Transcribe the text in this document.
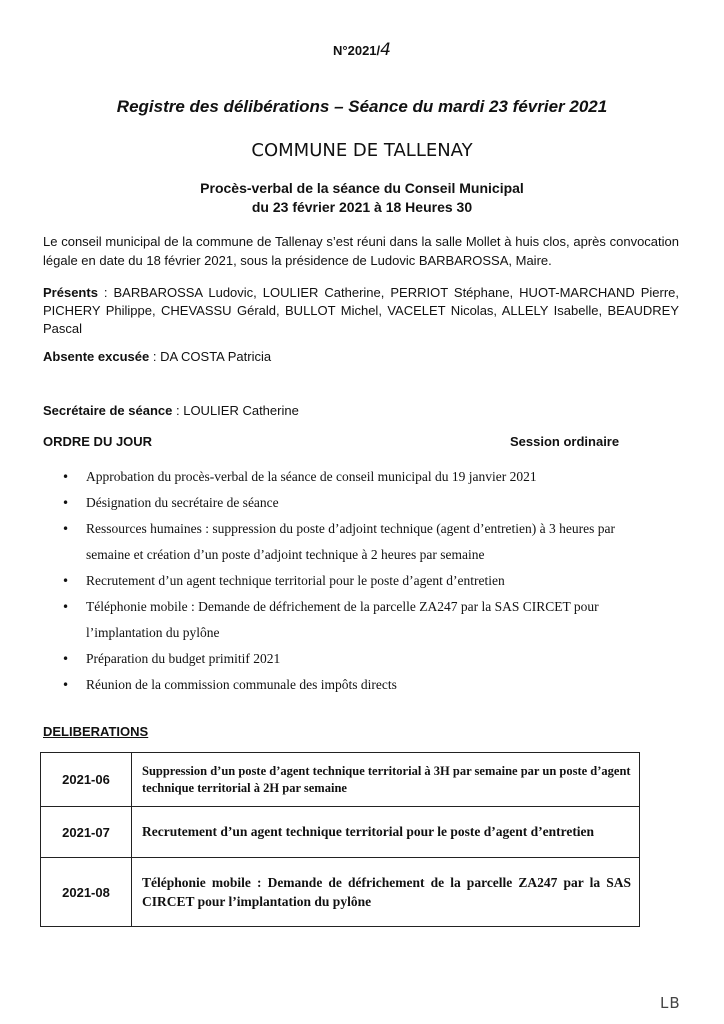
N°2021/4
Registre des délibérations – Séance du mardi 23 février 2021
COMMUNE DE TALLENAY
Procès-verbal de la séance du Conseil Municipal
du 23 février 2021 à 18 Heures 30
Le conseil municipal de la commune de Tallenay s’est réuni dans la salle Mollet à huis clos, après convocation légale en date du 18 février 2021, sous la présidence de Ludovic BARBAROSSA, Maire.
Présents : BARBAROSSA Ludovic, LOULIER Catherine, PERRIOT Stéphane, HUOT-MARCHAND Pierre, PICHERY Philippe, CHEVASSU Gérald, BULLOT Michel, VACELET Nicolas, ALLELY Isabelle, BEAUDREY Pascal
Absente excusée : DA COSTA Patricia
Secrétaire de séance : LOULIER Catherine
ORDRE DU JOUR	Session ordinaire
• Approbation du procès-verbal de la séance de conseil municipal du 19 janvier 2021
• Désignation du secrétaire de séance
• Ressources humaines : suppression du poste d’adjoint technique (agent d’entretien) à 3 heures par semaine et création d’un poste d’adjoint technique à 2 heures par semaine
• Recrutement d’un agent technique territorial pour le poste d’agent d’entretien
• Téléphonie mobile : Demande de défrichement de la parcelle ZA247 par la SAS CIRCET pour l’implantation du pylône
• Préparation du budget primitif 2021
• Réunion de la commission communale des impôts directs
DELIBERATIONS
2021-06	Suppression d’un poste d’agent technique territorial à 3H par semaine par un poste d’agent technique territorial à 2H par semaine
2021-07	Recrutement d’un agent technique territorial pour le poste d’agent d’entretien
2021-08	Téléphonie mobile : Demande de défrichement de la parcelle ZA247 par la SAS CIRCET pour l’implantation du pylône
LB
